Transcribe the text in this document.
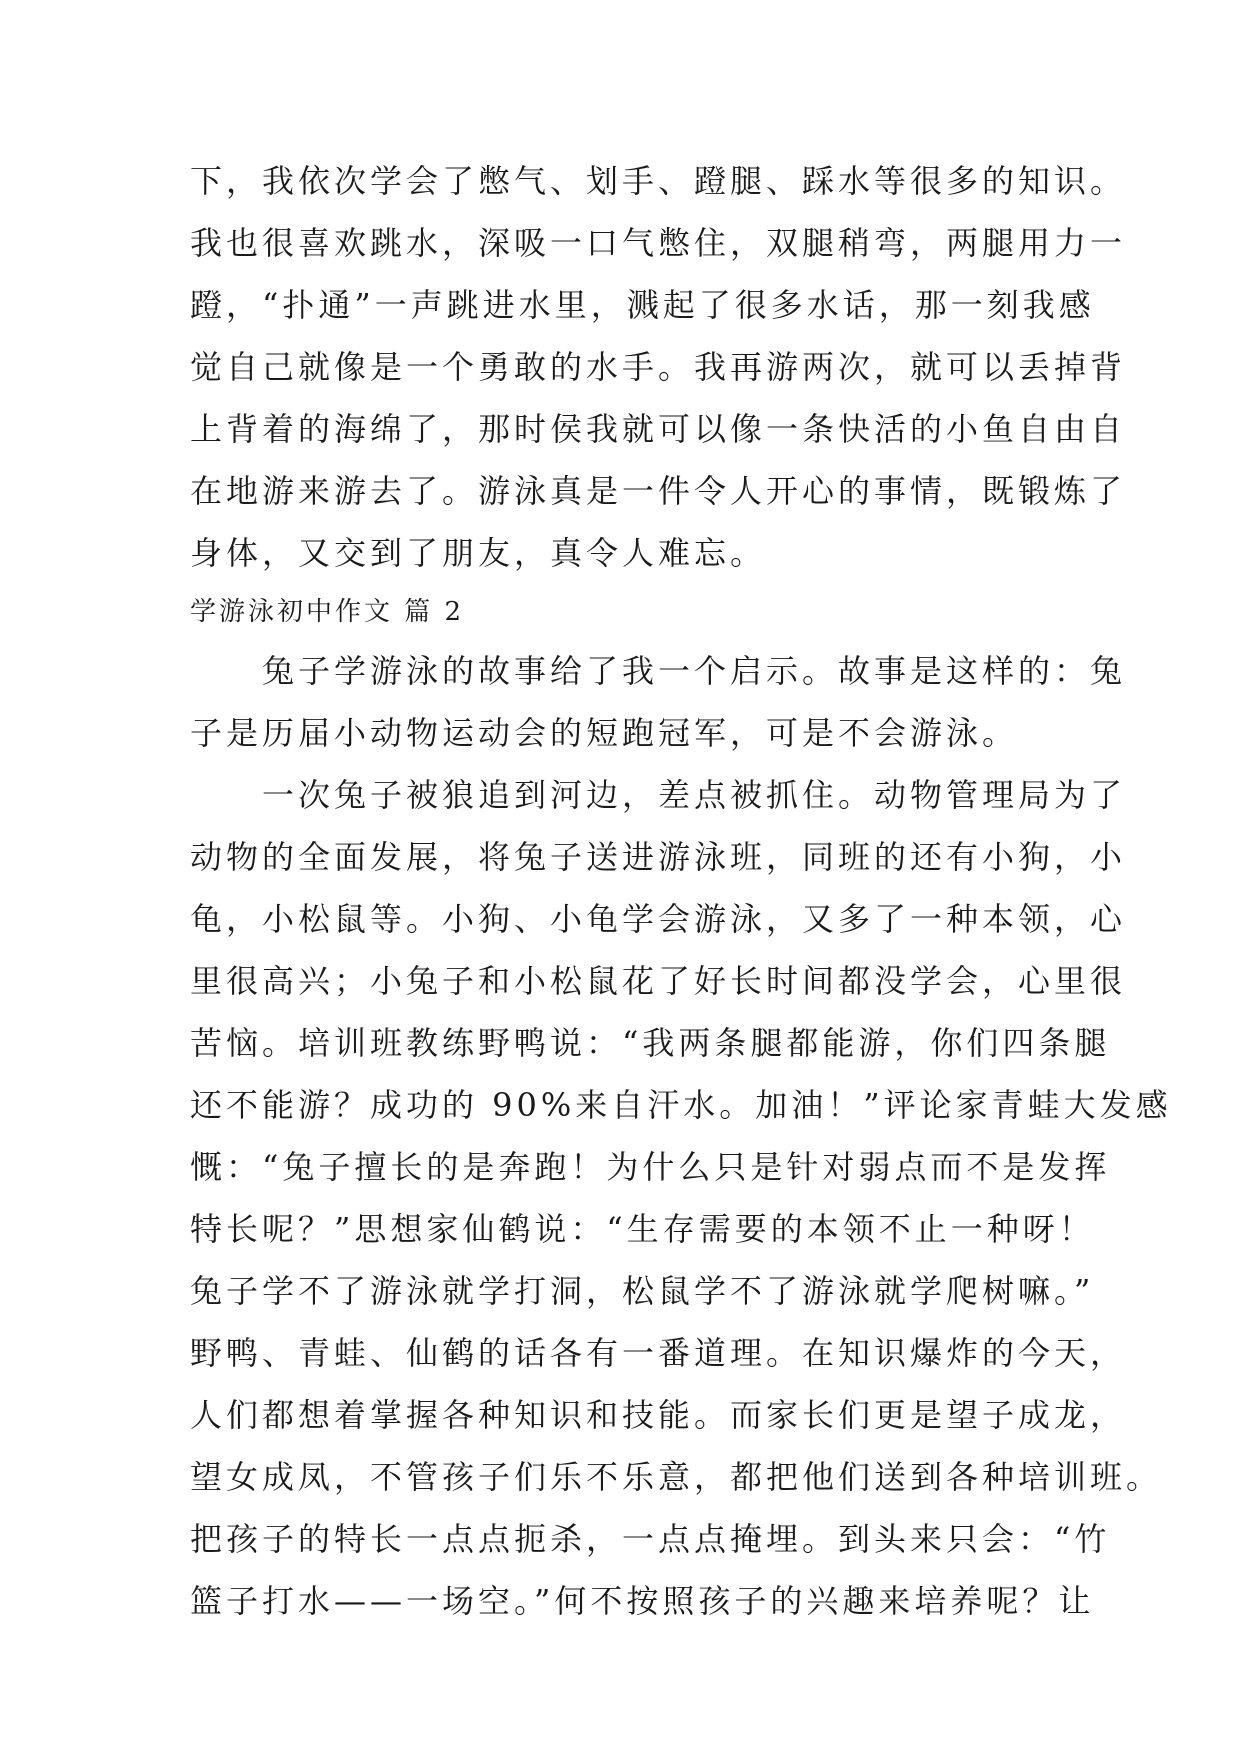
下，我依次学会了憋气、划手、蹬腿、踩水等很多的知识。
我也很喜欢跳水，深吸一口气憋住，双腿稍弯，两腿用力一
蹬，“扑通”一声跳进水里，溅起了很多水话，那一刻我感
觉自己就像是一个勇敢的水手。我再游两次，就可以丢掉背
上背着的海绵了，那时侯我就可以像一条快活的小鱼自由自
在地游来游去了。游泳真是一件令人开心的事情，既锻炼了
身体，又交到了朋友，真令人难忘。
学游泳初中作文 篇 2
　　兔子学游泳的故事给了我一个启示。故事是这样的：兔
子是历届小动物运动会的短跑冠军，可是不会游泳。
　　一次兔子被狼追到河边，差点被抓住。动物管理局为了
动物的全面发展，将兔子送进游泳班，同班的还有小狗，小
龟，小松鼠等。小狗、小龟学会游泳，又多了一种本领，心
里很高兴；小兔子和小松鼠花了好长时间都没学会，心里很
苦恼。培训班教练野鸭说：“我两条腿都能游，你们四条腿
还不能游？成功的 90%来自汗水。加油！”评论家青蛙大发感
慨：“兔子擅长的是奔跑！为什么只是针对弱点而不是发挥
特长呢？”思想家仙鹤说：“生存需要的本领不止一种呀！
兔子学不了游泳就学打洞，松鼠学不了游泳就学爬树嘛。”
野鸭、青蛙、仙鹤的话各有一番道理。在知识爆炸的今天，
人们都想着掌握各种知识和技能。而家长们更是望子成龙，
望女成凤，不管孩子们乐不乐意，都把他们送到各种培训班。
把孩子的特长一点点扼杀，一点点掩埋。到头来只会：“竹
篮子打水——一场空。”何不按照孩子的兴趣来培养呢？让
